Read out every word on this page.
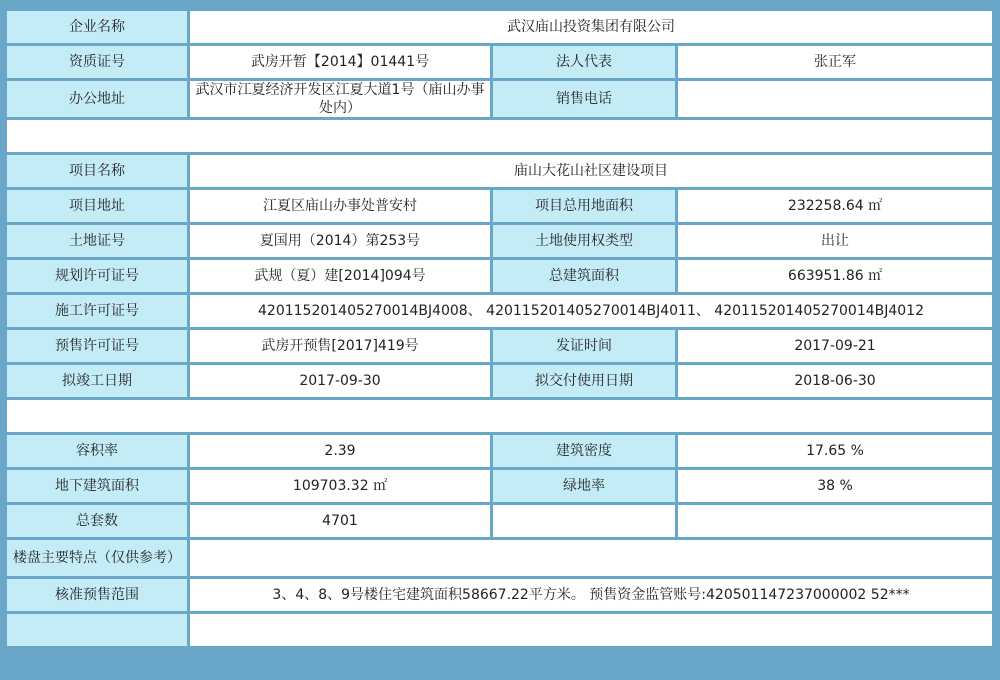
企业名称	武汉庙山投资集团有限公司		
资质证号	武房开暂【2014】01441号	法人代表	张正军
办公地址	武汉市江夏经济开发区江夏大道1号（庙山办事处内）	销售电话	

项目名称	庙山大花山社区建设项目		
项目地址	江夏区庙山办事处普安村	项目总用地面积	232258.64 ㎡
土地证号	夏国用（2014）第253号	土地使用权类型	出让
规划许可证号	武规（夏）建[2014]094号	总建筑面积	663951.86 ㎡
施工许可证号	420115201405270014BJ4008、 420115201405270014BJ4011、 420115201405270014BJ4012		
预售许可证号	武房开预售[2017]419号	发证时间	2017-09-21
拟竣工日期	2017-09-30	拟交付使用日期	2018-06-30

容积率	2.39	建筑密度	17.65 %
地下建筑面积	109703.32 ㎡	绿地率	38 %
总套数	4701		
楼盘主要特点（仅供参考）			
核准预售范围	3、4、8、9号楼住宅建筑面积58667.22平方米。 预售资金监管账号:420501147237000002 52***		
